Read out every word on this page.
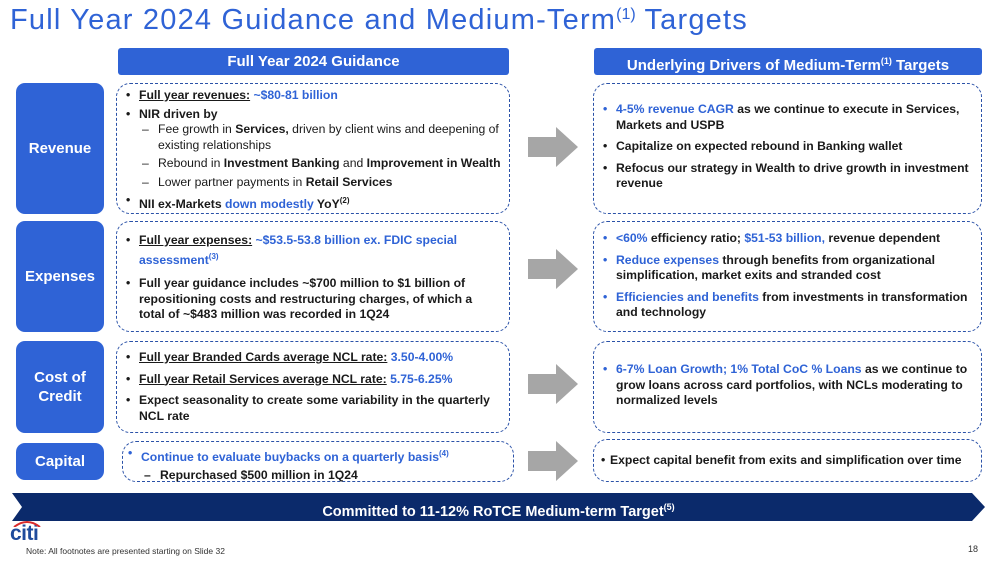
Full Year 2024 Guidance and Medium-Term$^{(1)}$ Targets
Full Year 2024 Guidance	Underlying Drivers of Medium-Term$^{(1)}$ Targets
Revenue
Expenses
Cost of
Credit
Capital
• Full year revenues: ~$80-81 billion
• NIR driven by
– Fee growth in Services, driven by client wins and deepening of existing relationships
– Rebound in Investment Banking and Improvement in Wealth
– Lower partner payments in Retail Services
• NII ex-Markets down modestly YoY$^{(2)}$
• 4-5% revenue CAGR as we continue to execute in Services, Markets and USPB
• Capitalize on expected rebound in Banking wallet
• Refocus our strategy in Wealth to drive growth in investment revenue
• Full year expenses: ~$53.5-53.8 billion ex. FDIC special assessment$^{(3)}$
• Full year guidance includes ~$700 million to $1 billion of repositioning costs and restructuring charges, of which a total of ~$483 million was recorded in 1Q24
• <60% efficiency ratio; $51-53 billion, revenue dependent
• Reduce expenses through benefits from organizational simplification, market exits and stranded cost
• Efficiencies and benefits from investments in transformation and technology
• Full year Branded Cards average NCL rate: 3.50-4.00%
• Full year Retail Services average NCL rate: 5.75-6.25%
• Expect seasonality to create some variability in the quarterly NCL rate
• 6-7% Loan Growth; 1% Total CoC % Loans as we continue to grow loans across card portfolios, with NCLs moderating to normalized levels
• Continue to evaluate buybacks on a quarterly basis$^{(4)}$
– Repurchased $500 million in 1Q24
• Expect capital benefit from exits and simplification over time
Committed to 11-12% RoTCE Medium-term Target$^{(5)}$
citi
Note: All footnotes are presented starting on Slide 32	18
